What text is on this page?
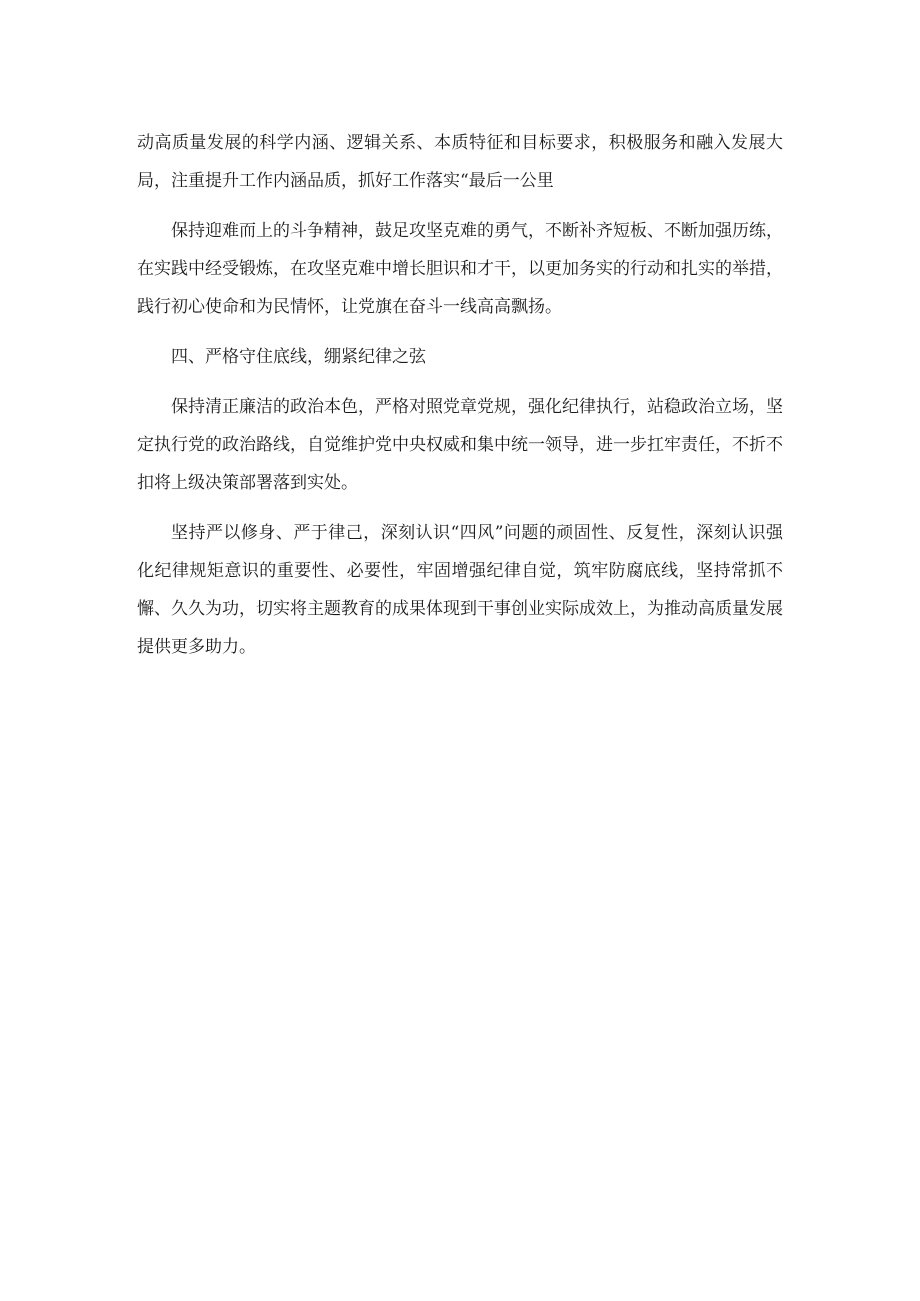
动高质量发展的科学内涵、逻辑关系、本质特征和目标要求，积极服务和融入发展大局，注重提升工作内涵品质，抓好工作落实“最后一公里

保持迎难而上的斗争精神，鼓足攻坚克难的勇气，不断补齐短板、不断加强历练，在实践中经受锻炼，在攻坚克难中增长胆识和才干，以更加务实的行动和扎实的举措，践行初心使命和为民情怀，让党旗在奋斗一线高高飘扬。

四、严格守住底线，绷紧纪律之弦

保持清正廉洁的政治本色，严格对照党章党规，强化纪律执行，站稳政治立场，坚定执行党的政治路线，自觉维护党中央权威和集中统一领导，进一步扛牢责任，不折不扣将上级决策部署落到实处。

坚持严以修身、严于律己，深刻认识“四风”问题的顽固性、反复性，深刻认识强化纪律规矩意识的重要性、必要性，牢固增强纪律自觉，筑牢防腐底线，坚持常抓不懈、久久为功，切实将主题教育的成果体现到干事创业实际成效上，为推动高质量发展提供更多助力。
